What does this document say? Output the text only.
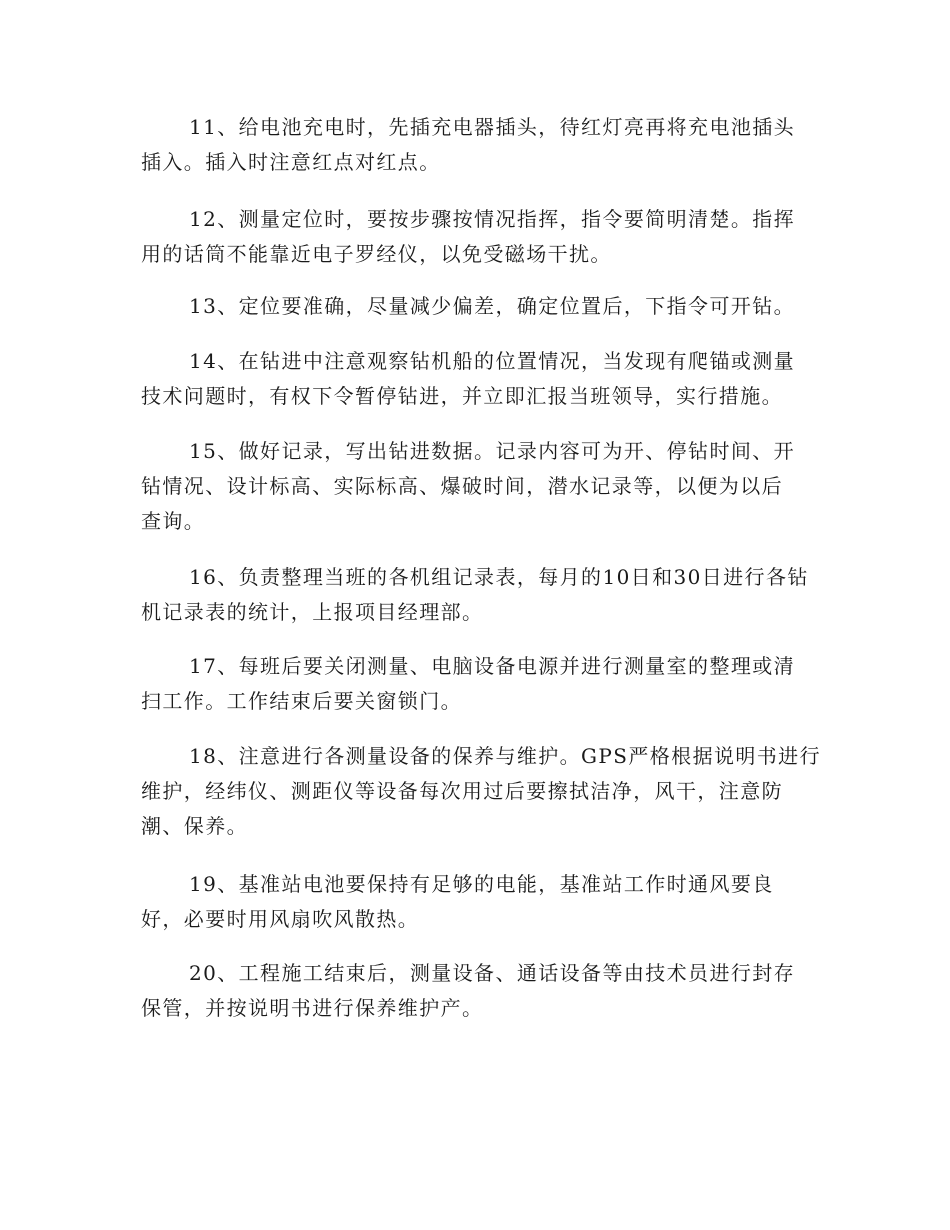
11、给电池充电时，先插充电器插头，待红灯亮再将充电池插头
插入。插入时注意红点对红点。
12、测量定位时，要按步骤按情况指挥，指令要简明清楚。指挥
用的话筒不能靠近电子罗经仪，以免受磁场干扰。
13、定位要准确，尽量减少偏差，确定位置后，下指令可开钻。
14、在钻进中注意观察钻机船的位置情况，当发现有爬锚或测量
技术问题时，有权下令暂停钻进，并立即汇报当班领导，实行措施。
15、做好记录，写出钻进数据。记录内容可为开、停钻时间、开
钻情况、设计标高、实际标高、爆破时间，潜水记录等，以便为以后
查询。
16、负责整理当班的各机组记录表，每月的10日和30日进行各钻
机记录表的统计，上报项目经理部。
17、每班后要关闭测量、电脑设备电源并进行测量室的整理或清
扫工作。工作结束后要关窗锁门。
18、注意进行各测量设备的保养与维护。GPS严格根据说明书进行
维护，经纬仪、测距仪等设备每次用过后要擦拭洁净，风干，注意防
潮、保养。
19、基准站电池要保持有足够的电能，基准站工作时通风要良
好，必要时用风扇吹风散热。
20、工程施工结束后，测量设备、通话设备等由技术员进行封存
保管，并按说明书进行保养维护产。
